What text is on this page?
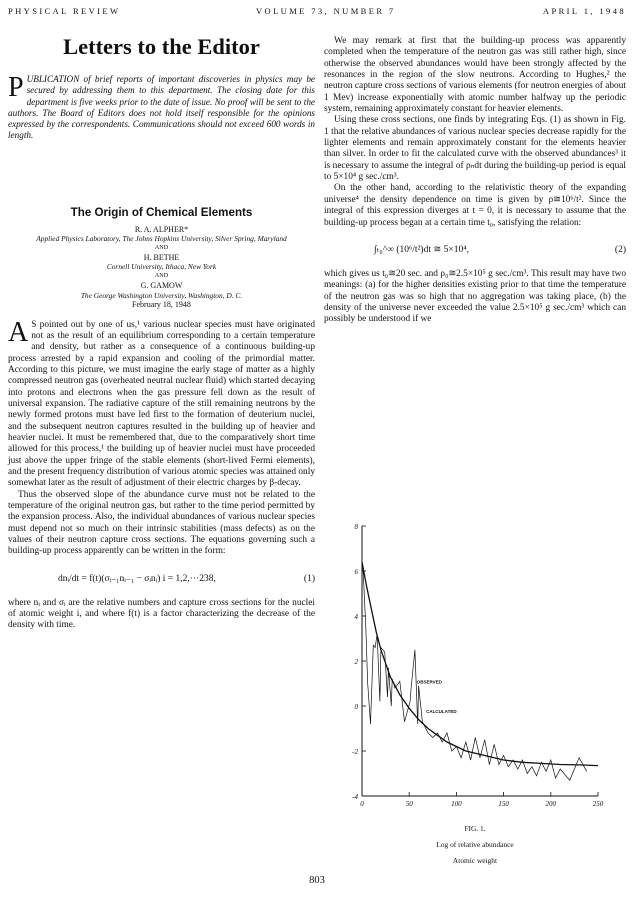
PHYSICAL REVIEW	VOLUME 73, NUMBER 7	APRIL 1, 1948
Letters to the Editor
P UBLICATION of brief reports of important discoveries in physics may be secured by addressing them to this department. The closing date for this department is five weeks prior to the date of issue. No proof will be sent to the authors. The Board of Editors does not hold itself responsible for the opinions expressed by the correspondents. Communications should not exceed 600 words in length.
The Origin of Chemical Elements

R. A. ALPHER*

Applied Physics Laboratory, The Johns Hopkins University, Silver Spring, Maryland

AND

H. BETHE

Cornell University, Ithaca, New York

AND

G. GAMOW

The George Washington University, Washington, D. C.

February 18, 1948

A S pointed out by one of us,¹ various nuclear species must have originated not as the result of an equilibrium corresponding to a certain temperature and density, but rather as a consequence of a continuous building-up process arrested by a rapid expansion and cooling of the primordial matter. According to this picture, we must imagine the early stage of matter as a highly compressed neutron gas (overheated neutral nuclear fluid) which started decaying into protons and electrons when the gas pressure fell down as the result of universal expansion. The radiative capture of the still remaining neutrons by the newly formed protons must have led first to the formation of deuterium nuclei, and the subsequent neutron captures resulted in the building up of heavier and heavier nuclei. It must be remembered that, due to the comparatively short time allowed for this process,¹ the building up of heavier nuclei must have proceeded just above the upper fringe of the stable elements (short-lived Fermi elements), and the present frequency distribution of various atomic species was attained only somewhat later as the result of adjustment of their electric charges by β-decay.

Thus the observed slope of the abundance curve must not be related to the temperature of the original neutron gas, but rather to the time period permitted by the expansion process. Also, the individual abundances of various nuclear species must depend not so much on their intrinsic stabilities (mass defects) as on the values of their neutron capture cross sections. The equations governing such a building-up process apparently can be written in the form:

dnᵢ/dt = f(t)(σᵢ₋₁nᵢ₋₁ − σᵢnᵢ) i = 1,2,···238,	(1)

where nᵢ and σᵢ are the relative numbers and capture cross sections for the nuclei of atomic weight i, and where f(t) is a factor characterizing the decrease of the density with time.

We may remark at first that the building-up process was apparently completed when the temperature of the neutron gas was still rather high, since otherwise the observed abundances would have been strongly affected by the resonances in the region of the slow neutrons. According to Hughes,² the neutron capture cross sections of various elements (for neutron energies of about 1 Mev) increase exponentially with atomic number halfway up the periodic system, remaining approximately constant for heavier elements.

Using these cross sections, one finds by integrating Eqs. (1) as shown in Fig. 1 that the relative abundances of various nuclear species decrease rapidly for the lighter elements and remain approximately constant for the elements heavier than silver. In order to fit the calculated curve with the observed abundances³ it is necessary to assume the integral of ρₙdt during the building-up period is equal to 5×10⁴ g sec./cm³.

On the other hand, according to the relativistic theory of the expanding universe⁴ the density dependence on time is given by ρ≅10⁶/t². Since the integral of this expression diverges at t = 0, it is necessary to assume that the building-up process began at a certain time t₀, satisfying the relation:

∫ₜ₀^∞ (10⁶/t²)dt ≅ 5×10⁴,	(2)

which gives us t₀≅20 sec. and ρ₀≅2.5×10⁵ g sec./cm³. This result may have two meanings: (a) for the higher densities existing prior to that time the temperature of the neutron gas was so high that no aggregation was taking place, (b) the density of the universe never exceeded the value 2.5×10⁵ g sec./cm³ which can possibly be understood if we

-4
-2
0
2
4
6
8
0	50	100	150	200	250
OBSERVED
CALCULATED
FIG. 1.
Log of relative abundance
Atomic weight
803
